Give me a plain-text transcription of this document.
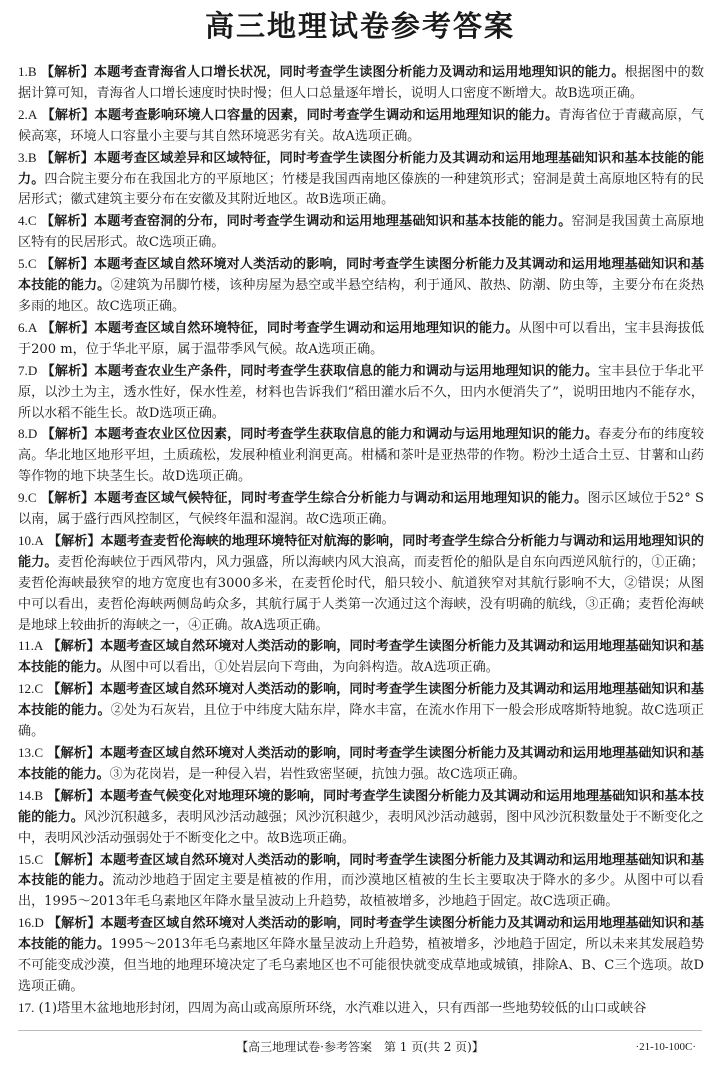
高三地理试卷参考答案

1.B 【解析】本题考查青海省人口增长状况，同时考查学生读图分析能力及调动和运用地理知识的能力。根据图中的数据计算可知，青海省人口增长速度时快时慢；但人口总量逐年增长，说明人口密度不断增大。故B选项正确。

2.A 【解析】本题考查影响环境人口容量的因素，同时考查学生调动和运用地理知识的能力。青海省位于青藏高原，气候高寒，环境人口容量小主要与其自然环境恶劣有关。故A选项正确。

3.B 【解析】本题考查区域差异和区域特征，同时考查学生读图分析能力及其调动和运用地理基础知识和基本技能的能力。四合院主要分布在我国北方的平原地区；竹楼是我国西南地区傣族的一种建筑形式；窑洞是黄土高原地区特有的民居形式；徽式建筑主要分布在安徽及其附近地区。故B选项正确。

4.C 【解析】本题考查窑洞的分布，同时考查学生调动和运用地理基础知识和基本技能的能力。窑洞是我国黄土高原地区特有的民居形式。故C选项正确。

5.C 【解析】本题考查区域自然环境对人类活动的影响，同时考查学生读图分析能力及其调动和运用地理基础知识和基本技能的能力。②建筑为吊脚竹楼，该种房屋为悬空或半悬空结构，利于通风、散热、防潮、防虫等，主要分布在炎热多雨的地区。故C选项正确。

6.A 【解析】本题考查区域自然环境特征，同时考查学生调动和运用地理知识的能力。从图中可以看出，宝丰县海拔低于200 m，位于华北平原，属于温带季风气候。故A选项正确。

7.D 【解析】本题考查农业生产条件，同时考查学生获取信息的能力和调动与运用地理知识的能力。宝丰县位于华北平原，以沙土为主，透水性好，保水性差，材料也告诉我们“稻田灌水后不久，田内水便消失了”，说明田地内不能存水，所以水稻不能生长。故D选项正确。

8.D 【解析】本题考查农业区位因素，同时考查学生获取信息的能力和调动与运用地理知识的能力。春麦分布的纬度较高。华北地区地形平坦，土质疏松，发展种植业利润更高。柑橘和茶叶是亚热带的作物。粉沙土适合土豆、甘薯和山药等作物的地下块茎生长。故D选项正确。

9.C 【解析】本题考查区域气候特征，同时考查学生综合分析能力与调动和运用地理知识的能力。图示区域位于52° S以南，属于盛行西风控制区，气候终年温和湿润。故C选项正确。

10.A 【解析】本题考查麦哲伦海峡的地理环境特征对航海的影响，同时考查学生综合分析能力与调动和运用地理知识的能力。麦哲伦海峡位于西风带内，风力强盛，所以海峡内风大浪高，而麦哲伦的船队是自东向西逆风航行的，①正确；麦哲伦海峡最狭窄的地方宽度也有3000多米，在麦哲伦时代，船只较小、航道狭窄对其航行影响不大，②错误；从图中可以看出，麦哲伦海峡两侧岛屿众多，其航行属于人类第一次通过这个海峡，没有明确的航线，③正确；麦哲伦海峡是地球上较曲折的海峡之一，④正确。故A选项正确。

11.A 【解析】本题考查区域自然环境对人类活动的影响，同时考查学生读图分析能力及其调动和运用地理基础知识和基本技能的能力。从图中可以看出，①处岩层向下弯曲，为向斜构造。故A选项正确。

12.C 【解析】本题考查区域自然环境对人类活动的影响，同时考查学生读图分析能力及其调动和运用地理基础知识和基本技能的能力。②处为石灰岩，且位于中纬度大陆东岸，降水丰富，在流水作用下一般会形成喀斯特地貌。故C选项正确。

13.C 【解析】本题考查区域自然环境对人类活动的影响，同时考查学生读图分析能力及其调动和运用地理基础知识和基本技能的能力。③为花岗岩，是一种侵入岩，岩性致密坚硬，抗蚀力强。故C选项正确。

14.B 【解析】本题考查气候变化对地理环境的影响，同时考查学生读图分析能力及其调动和运用地理基础知识和基本技能的能力。风沙沉积越多，表明风沙活动越强；风沙沉积越少，表明风沙活动越弱，图中风沙沉积数量处于不断变化之中，表明风沙活动强弱处于不断变化之中。故B选项正确。

15.C 【解析】本题考查区域自然环境对人类活动的影响，同时考查学生读图分析能力及其调动和运用地理基础知识和基本技能的能力。流动沙地趋于固定主要是植被的作用，而沙漠地区植被的生长主要取决于降水的多少。从图中可以看出，1995～2013年毛乌素地区年降水量呈波动上升趋势，故植被增多，沙地趋于固定。故C选项正确。

16.D 【解析】本题考查区域自然环境对人类活动的影响，同时考查学生读图分析能力及其调动和运用地理基础知识和基本技能的能力。1995～2013年毛乌素地区年降水量呈波动上升趋势，植被增多，沙地趋于固定，所以未来其发展趋势不可能变成沙漠，但当地的地理环境决定了毛乌素地区也不可能很快就变成草地或城镇，排除A、B、C三个选项。故D选项正确。

17. (1)塔里木盆地地形封闭，四周为高山或高原所环绕，水汽难以进入，只有西部一些地势较低的山口或峡谷

【高三地理试卷·参考答案　第 1 页(共 2 页)】	·21-10-100C·
